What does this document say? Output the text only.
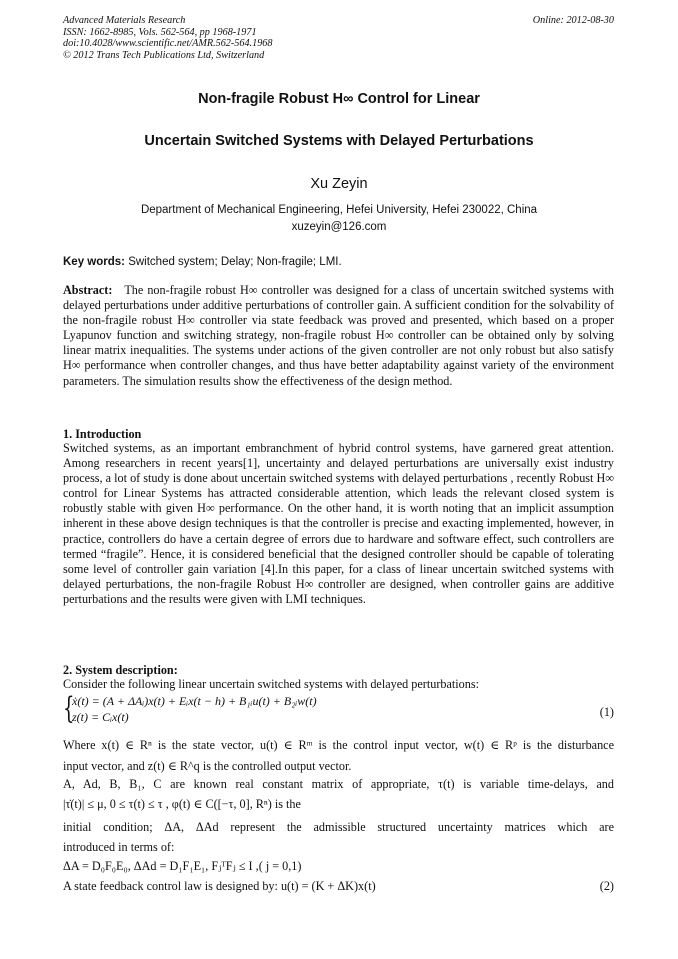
Advanced Materials Research
ISSN: 1662-8985, Vols. 562-564, pp 1968-1971
doi:10.4028/www.scientific.net/AMR.562-564.1968
© 2012 Trans Tech Publications Ltd, Switzerland
Online: 2012-08-30
Non-fragile Robust H∞ Control for Linear
Uncertain Switched Systems with Delayed Perturbations
Xu Zeyin
Department of Mechanical Engineering, Hefei University, Hefei 230022, China
xuzeyin@126.com
Key words: Switched system; Delay; Non-fragile; LMI.
Abstract: The non-fragile robust H∞ controller was designed for a class of uncertain switched systems with delayed perturbations under additive perturbations of controller gain. A sufficient condition for the solvability of the non-fragile robust H∞ controller via state feedback was proved and presented, which based on a proper Lyapunov function and switching strategy, non-fragile robust H∞ controller can be obtained only by solving linear matrix inequalities. The systems under actions of the given controller are not only robust but also satisfy H∞ performance when controller changes, and thus have better adaptability against variety of the environment parameters. The simulation results show the effectiveness of the design method.
1. Introduction
Switched systems, as an important embranchment of hybrid control systems, have garnered great attention. Among researchers in recent years[1], uncertainty and delayed perturbations are universally exist industry process, a lot of study is done about uncertain switched systems with delayed perturbations , recently Robust H∞ control for Linear Systems has attracted considerable attention, which leads the relevant closed system is robustly stable with given H∞ performance. On the other hand, it is worth noting that an implicit assumption inherent in these above design techniques is that the controller is precise and exacting implemented, however, in practice, controllers do have a certain degree of errors due to hardware and software effect, such controllers are termed “fragile”. Hence, it is considered beneficial that the designed controller should be capable of tolerating some level of controller gain variation [4].In this paper, for a class of linear uncertain switched systems with delayed perturbations, the non-fragile Robust H∞ controller are designed, when controller gains are additive perturbations and the results were given with LMI techniques.
2. System description:
Consider the following linear uncertain switched systems with delayed perturbations:
{
ẋ(t) = (A + ΔAᵢ)x(t) + Eᵢx(t − h) + B₁ᵢu(t) + B₂ᵢw(t)
z(t) = Cᵢx(t)	(1)
Where x(t) ∈ Rⁿ is the state vector, u(t) ∈ Rᵐ is the control input vector, w(t) ∈ Rᵖ is the disturbance
input vector, and z(t) ∈ R^q is the controlled output vector.
A, Ad, B, B₁, C are known real constant matrix of appropriate, τ(t) is variable time-delays, and
|τ̇(t)| ≤ μ, 0 ≤ τ(t) ≤ τ , φ(t) ∈ C([−τ, 0], Rⁿ) is the
initial condition; ΔA, ΔAd represent the admissible structured uncertainty matrices which are
introduced in terms of:
ΔA = D₀F₀E₀, ΔAd = D₁F₁E₁, FⱼᵀFⱼ ≤ I ,( j = 0,1)
A state feedback control law is designed by: u(t) = (K + ΔK)x(t)	(2)
